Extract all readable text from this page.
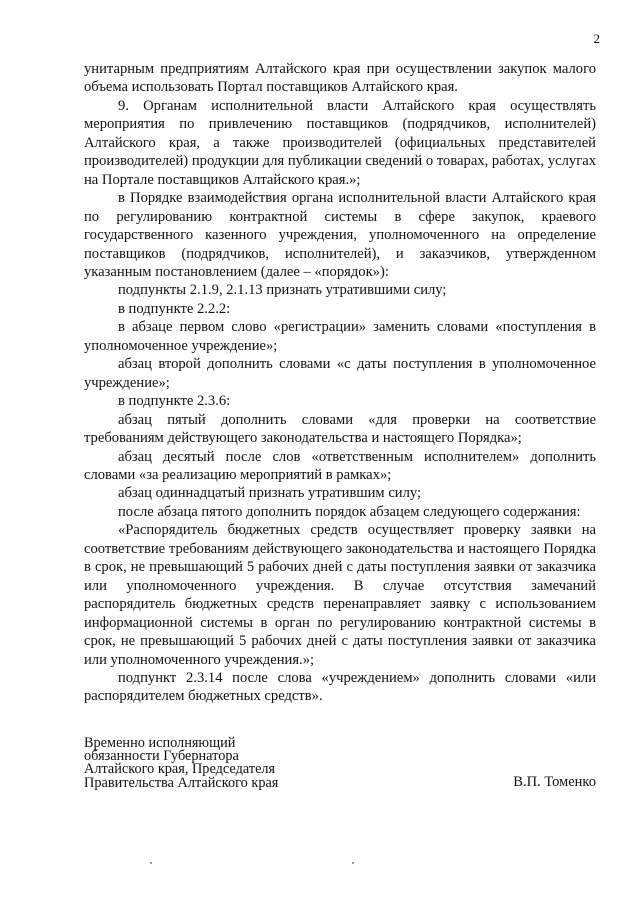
2

унитарным предприятиям Алтайского края при осуществлении закупок малого объема использовать Портал поставщиков Алтайского края.

9. Органам исполнительной власти Алтайского края осуществлять мероприятия по привлечению поставщиков (подрядчиков, исполнителей) Алтайского края, а также производителей (официальных представителей производителей) продукции для публикации сведений о товарах, работах, услугах на Портале поставщиков Алтайского края.»;

в Порядке взаимодействия органа исполнительной власти Алтайского края по регулированию контрактной системы в сфере закупок, краевого государственного казенного учреждения, уполномоченного на определение поставщиков (подрядчиков, исполнителей), и заказчиков, утвержденном указанным постановлением (далее – «порядок»):

подпункты 2.1.9, 2.1.13 признать утратившими силу;

в подпункте 2.2.2:

в абзаце первом слово «регистрации» заменить словами «поступления в уполномоченное учреждение»;

абзац второй дополнить словами «с даты поступления в уполномоченное учреждение»;

в подпункте 2.3.6:

абзац пятый дополнить словами «для проверки на соответствие требованиям действующего законодательства и настоящего Порядка»;

абзац десятый после слов «ответственным исполнителем» дополнить словами «за реализацию мероприятий в рамках»;

абзац одиннадцатый признать утратившим силу;

после абзаца пятого дополнить порядок абзацем следующего содержания:

«Распорядитель бюджетных средств осуществляет проверку заявки на соответствие требованиям действующего законодательства и настоящего Порядка в срок, не превышающий 5 рабочих дней с даты поступления заявки от заказчика или уполномоченного учреждения. В случае отсутствия замечаний распорядитель бюджетных средств перенаправляет заявку с использованием информационной системы в орган по регулированию контрактной системы в срок, не превышающий 5 рабочих дней с даты поступления заявки от заказчика или уполномоченного учреждения.»;

подпункт 2.3.14 после слова «учреждением» дополнить словами «или распорядителем бюджетных средств».

Временно исполняющий
обязанности Губернатора
Алтайского края, Председателя
Правительства Алтайского края	В.П. Томенко
